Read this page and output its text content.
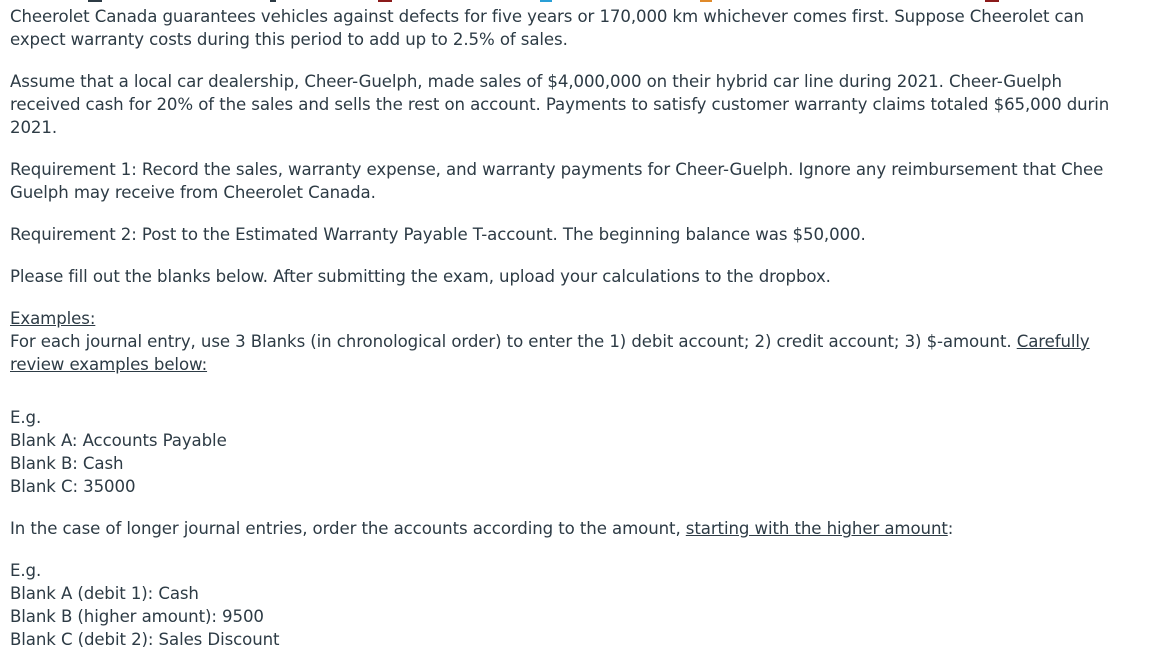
Cheerolet Canada guarantees vehicles against defects for five years or 170,000 km whichever comes first. Suppose Cheerolet can
expect warranty costs during this period to add up to 2.5% of sales.

Assume that a local car dealership, Cheer-Guelph, made sales of $4,000,000 on their hybrid car line during 2021. Cheer-Guelph
received cash for 20% of the sales and sells the rest on account. Payments to satisfy customer warranty claims totaled $65,000 durin
2021.

Requirement 1: Record the sales, warranty expense, and warranty payments for Cheer-Guelph. Ignore any reimbursement that Chee
Guelph may receive from Cheerolet Canada.

Requirement 2: Post to the Estimated Warranty Payable T-account. The beginning balance was $50,000.

Please fill out the blanks below. After submitting the exam, upload your calculations to the dropbox.

Examples:
For each journal entry, use 3 Blanks (in chronological order) to enter the 1) debit account; 2) credit account; 3) $-amount. Carefully
review examples below:

E.g.
Blank A: Accounts Payable
Blank B: Cash
Blank C: 35000

In the case of longer journal entries, order the accounts according to the amount, starting with the higher amount:

E.g.
Blank A (debit 1): Cash
Blank B (higher amount): 9500
Blank C (debit 2): Sales Discount
